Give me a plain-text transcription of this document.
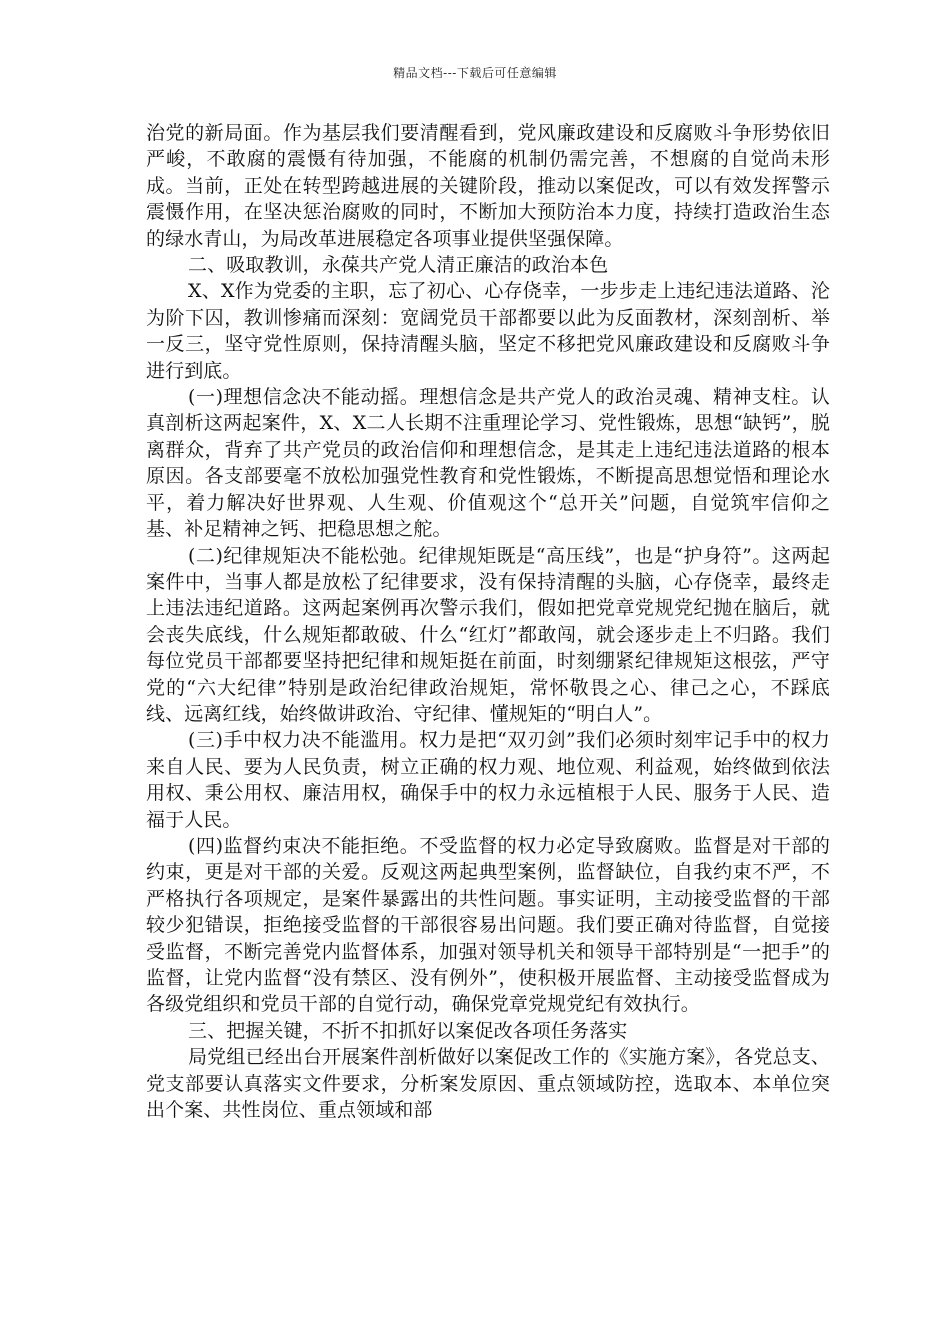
精品文档---下载后可任意编辑

治党的新局面。作为基层我们要清醒看到，党风廉政建设和反腐败斗争形势依旧严峻，不敢腐的震慑有待加强，不能腐的机制仍需完善，不想腐的自觉尚未形成。当前，正处在转型跨越进展的关键阶段，推动以案促改，可以有效发挥警示震慑作用，在坚决惩治腐败的同时，不断加大预防治本力度，持续打造政治生态的绿水青山，为局改革进展稳定各项事业提供坚强保障。

二、吸取教训，永葆共产党人清正廉洁的政治本色

X、X作为党委的主职，忘了初心、心存侥幸，一步步走上违纪违法道路、沦为阶下囚，教训惨痛而深刻：宽阔党员干部都要以此为反面教材，深刻剖析、举一反三，坚守党性原则，保持清醒头脑，坚定不移把党风廉政建设和反腐败斗争进行到底。

(一)理想信念决不能动摇。理想信念是共产党人的政治灵魂、精神支柱。认真剖析这两起案件，X、X二人长期不注重理论学习、党性锻炼，思想“缺钙”，脱离群众，背弃了共产党员的政治信仰和理想信念，是其走上违纪违法道路的根本原因。各支部要毫不放松加强党性教育和党性锻炼，不断提高思想觉悟和理论水平，着力解决好世界观、人生观、价值观这个“总开关”问题，自觉筑牢信仰之基、补足精神之钙、把稳思想之舵。

(二)纪律规矩决不能松弛。纪律规矩既是“高压线”，也是“护身符”。这两起案件中，当事人都是放松了纪律要求，没有保持清醒的头脑，心存侥幸，最终走上违法违纪道路。这两起案例再次警示我们，假如把党章党规党纪抛在脑后，就会丧失底线，什么规矩都敢破、什么“红灯”都敢闯，就会逐步走上不归路。我们每位党员干部都要坚持把纪律和规矩挺在前面，时刻绷紧纪律规矩这根弦，严守党的“六大纪律”特别是政治纪律政治规矩，常怀敬畏之心、律己之心，不踩底线、远离红线，始终做讲政治、守纪律、懂规矩的“明白人”。

(三)手中权力决不能滥用。权力是把“双刃剑”我们必须时刻牢记手中的权力来自人民、要为人民负责，树立正确的权力观、地位观、利益观，始终做到依法用权、秉公用权、廉洁用权，确保手中的权力永远植根于人民、服务于人民、造福于人民。

(四)监督约束决不能拒绝。不受监督的权力必定导致腐败。监督是对干部的约束，更是对干部的关爱。反观这两起典型案例，监督缺位，自我约束不严，不严格执行各项规定，是案件暴露出的共性问题。事实证明，主动接受监督的干部较少犯错误，拒绝接受监督的干部很容易出问题。我们要正确对待监督，自觉接受监督，不断完善党内监督体系，加强对领导机关和领导干部特别是“一把手”的监督，让党内监督“没有禁区、没有例外”，使积极开展监督、主动接受监督成为各级党组织和党员干部的自觉行动，确保党章党规党纪有效执行。

三、把握关键，不折不扣抓好以案促改各项任务落实

局党组已经出台开展案件剖析做好以案促改工作的《实施方案》，各党总支、党支部要认真落实文件要求，分析案发原因、重点领域防控，选取本、本单位突出个案、共性岗位、重点领域和部
